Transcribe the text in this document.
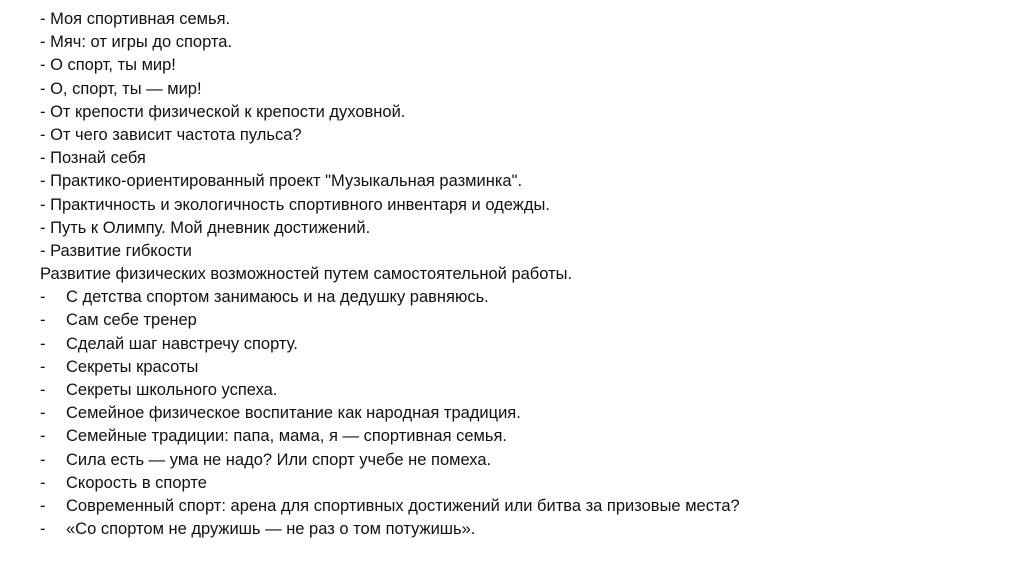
- Моя спортивная семья.
- Мяч: от игры до спорта.
- О спорт, ты мир!
- О, спорт, ты — мир!
- От крепости физической к крепости духовной.
- От чего зависит частота пульса?
- Познай себя
- Практико-ориентированный проект "Музыкальная разминка".
- Практичность и экологичность спортивного инвентаря и одежды.
- Путь к Олимпу. Мой дневник достижений.
- Развитие гибкости
Развитие физических возможностей путем самостоятельной работы.
-	С детства спортом занимаюсь и на дедушку равняюсь.
-	Сам себе тренер
-	Сделай шаг навстречу спорту.
-	Секреты красоты
-	Секреты школьного успеха.
-	Семейное физическое воспитание как народная традиция.
-	Семейные традиции: папа, мама, я — спортивная семья.
-	Сила есть — ума не надо? Или спорт учебе не помеха.
-	Скорость в спорте
-	Современный спорт: арена для спортивных достижений или битва за призовые места?
-	«Со спортом не дружишь — не раз о том потужишь».
